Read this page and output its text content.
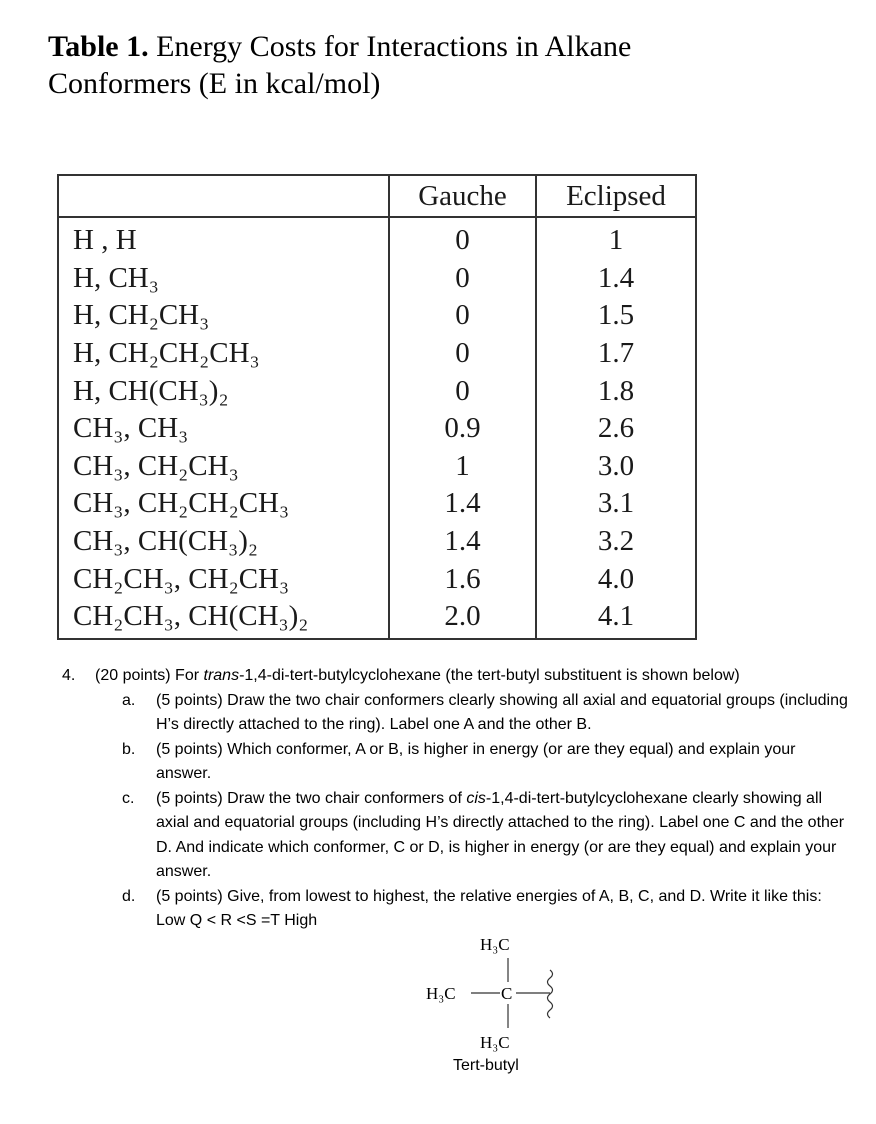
Table 1. Energy Costs for Interactions in Alkane Conformers (E in kcal/mol)
	Gauche	Eclipsed
H , H	0	1
H, CH₃	0	1.4
H, CH₂CH₃	0	1.5
H, CH₂CH₂CH₃	0	1.7
H, CH(CH₃)₂	0	1.8
CH₃, CH₃	0.9	2.6
CH₃, CH₂CH₃	1	3.0
CH₃, CH₂CH₂CH₃	1.4	3.1
CH₃, CH(CH₃)₂	1.4	3.2
CH₂CH₃, CH₂CH₃	1.6	4.0
CH₂CH₃, CH(CH₃)₂	2.0	4.1
4.	(20 points) For trans-1,4-di-tert-butylcyclohexane (the tert-butyl substituent is shown below)
a.	(5 points) Draw the two chair conformers clearly showing all axial and equatorial groups (including H’s directly attached to the ring). Label one A and the other B.
b.	(5 points) Which conformer, A or B, is higher in energy (or are they equal) and explain your answer.
c.	(5 points) Draw the two chair conformers of cis-1,4-di-tert-butylcyclohexane clearly showing all axial and equatorial groups (including H’s directly attached to the ring). Label one C and the other D. And indicate which conformer, C or D, is higher in energy (or are they equal) and explain your answer.
d.	(5 points) Give, from lowest to highest, the relative energies of A, B, C, and D. Write it like this: Low Q < R <S =T High
H₃C
H₃C	C
H₃C
Tert-butyl
